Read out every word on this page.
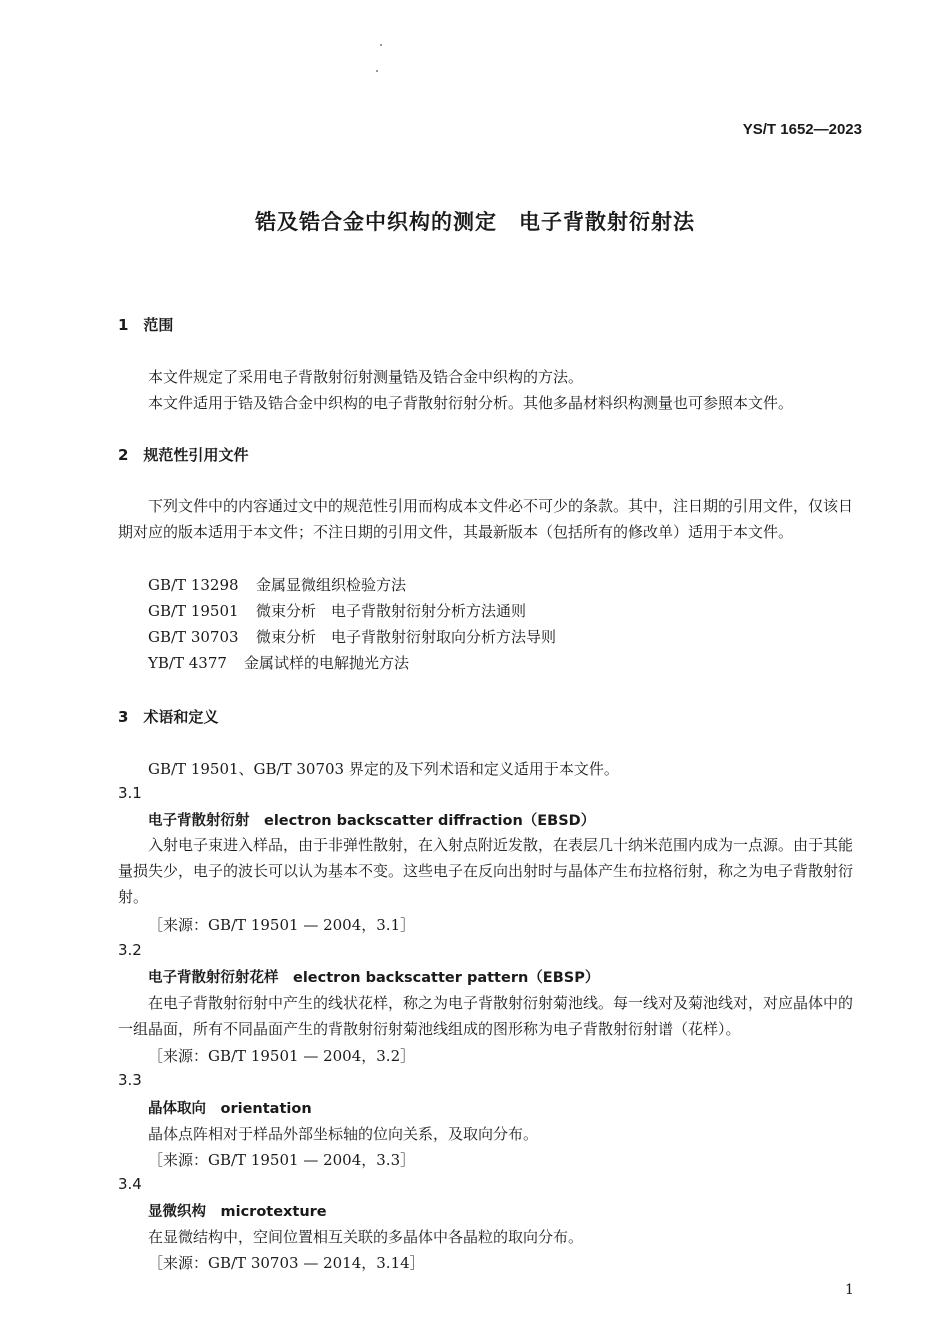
YS/T 1652—2023
锆及锆合金中织构的测定　电子背散射衍射法
1　范围
本文件规定了采用电子背散射衍射测量锆及锆合金中织构的方法。
本文件适用于锆及锆合金中织构的电子背散射衍射分析。其他多晶材料织构测量也可参照本文件。
2　规范性引用文件
下列文件中的内容通过文中的规范性引用而构成本文件必不可少的条款。其中，注日期的引用文件，仅该日期对应的版本适用于本文件；不注日期的引用文件，其最新版本（包括所有的修改单）适用于本文件。
GB/T 13298 金属显微组织检验方法
GB/T 19501 微束分析　电子背散射衍射分析方法通则
GB/T 30703 微束分析　电子背散射衍射取向分析方法导则
YB/T 4377 金属试样的电解抛光方法
3　术语和定义
GB/T 19501、GB/T 30703 界定的及下列术语和定义适用于本文件。
3.1
电子背散射衍射　electron backscatter diffraction（EBSD）
入射电子束进入样品，由于非弹性散射，在入射点附近发散，在表层几十纳米范围内成为一点源。由于其能量损失少，电子的波长可以认为基本不变。这些电子在反向出射时与晶体产生布拉格衍射，称之为电子背散射衍射。
［来源：GB/T 19501 — 2004，3.1］
3.2
电子背散射衍射花样　electron backscatter pattern（EBSP）
在电子背散射衍射中产生的线状花样，称之为电子背散射衍射菊池线。每一线对及菊池线对，对应晶体中的一组晶面，所有不同晶面产生的背散射衍射菊池线组成的图形称为电子背散射衍射谱（花样）。
［来源：GB/T 19501 — 2004，3.2］
3.3
晶体取向　orientation
晶体点阵相对于样品外部坐标轴的位向关系，及取向分布。
［来源：GB/T 19501 — 2004，3.3］
3.4
显微织构　microtexture
在显微结构中，空间位置相互关联的多晶体中各晶粒的取向分布。
［来源：GB/T 30703 — 2014，3.14］
1
